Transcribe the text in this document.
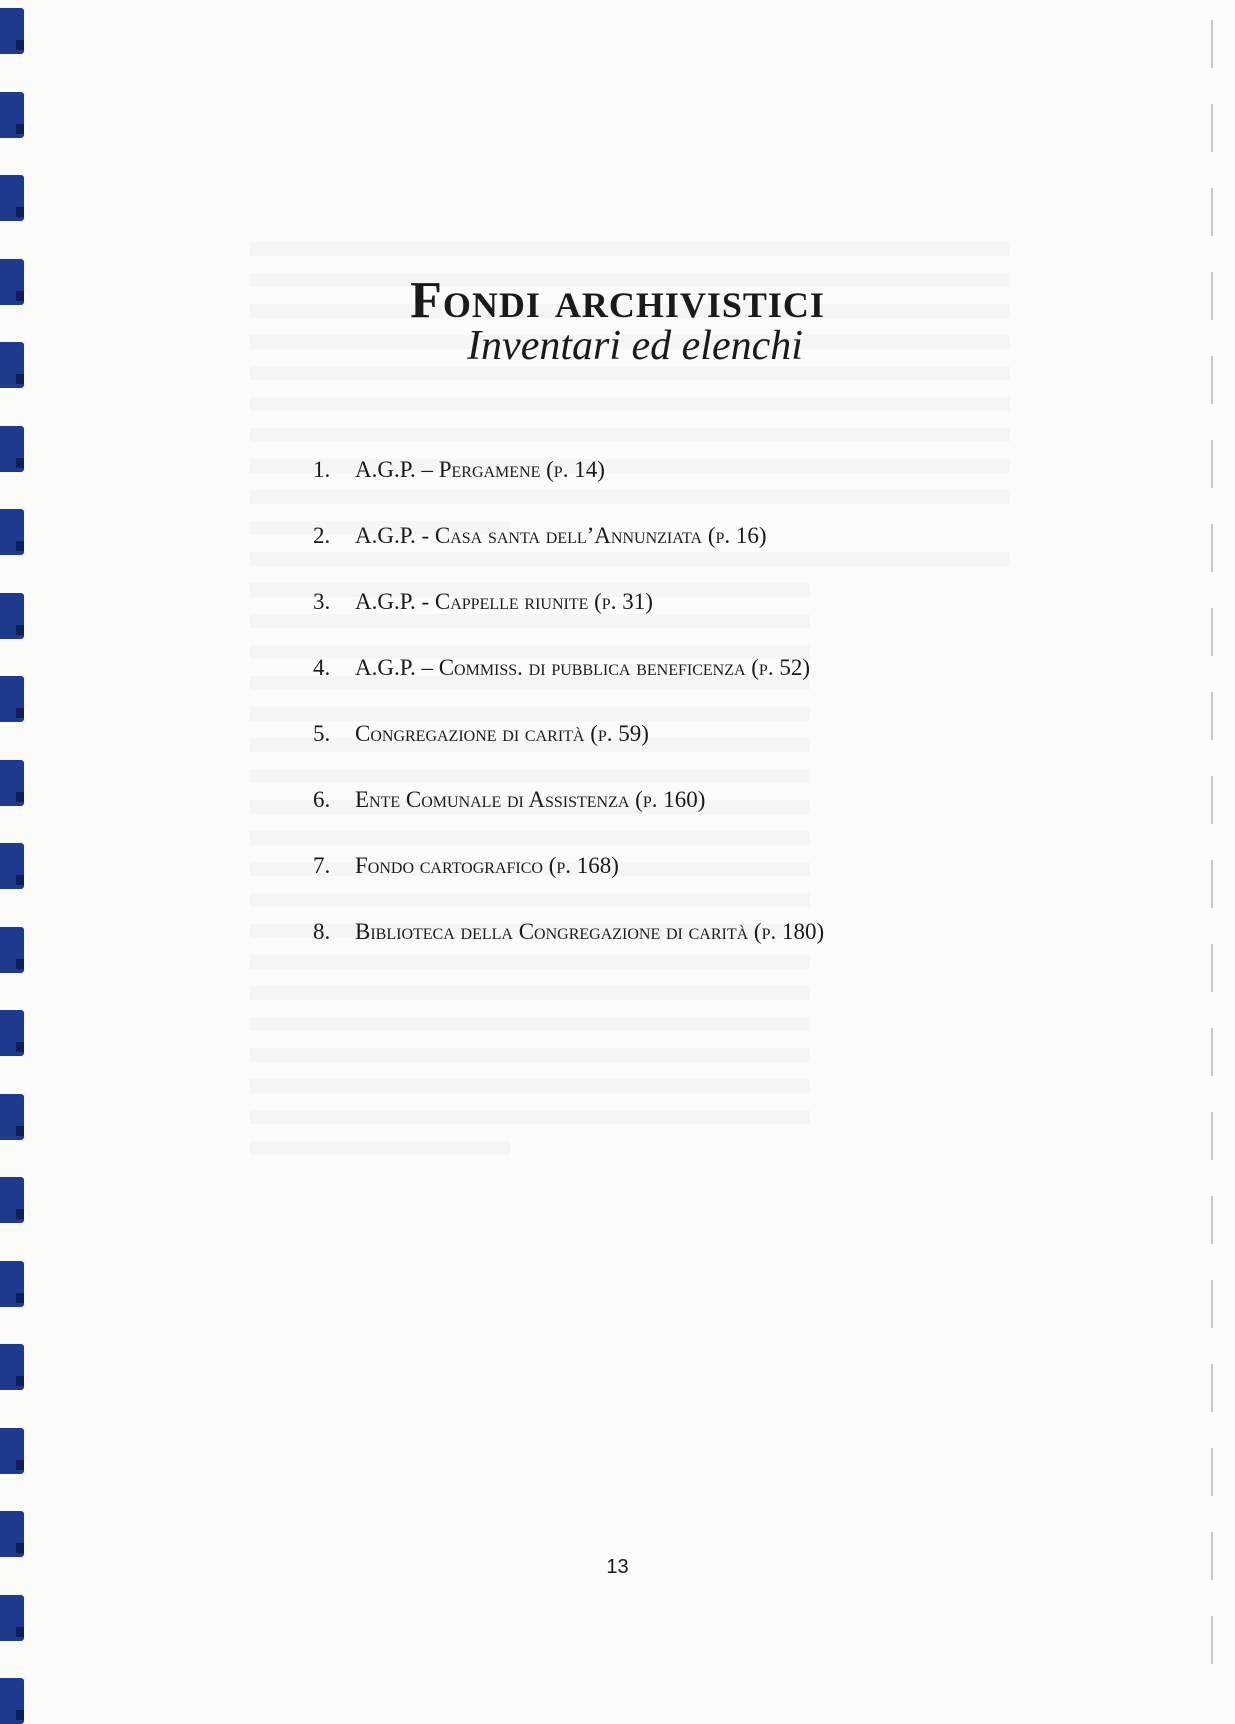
Fondi archivistici
Inventari ed elenchi
1. A.G.P. – Pergamene (p. 14)
2. A.G.P. - Casa santa dell’Annunziata (p. 16)
3. A.G.P. - Cappelle riunite (p. 31)
4. A.G.P. – Commiss. di pubblica beneficenza (p. 52)
5. Congregazione di carità (p. 59)
6. Ente Comunale di Assistenza (p. 160)
7. Fondo cartografico (p. 168)
8. Biblioteca della Congregazione di carità (p. 180)
13
